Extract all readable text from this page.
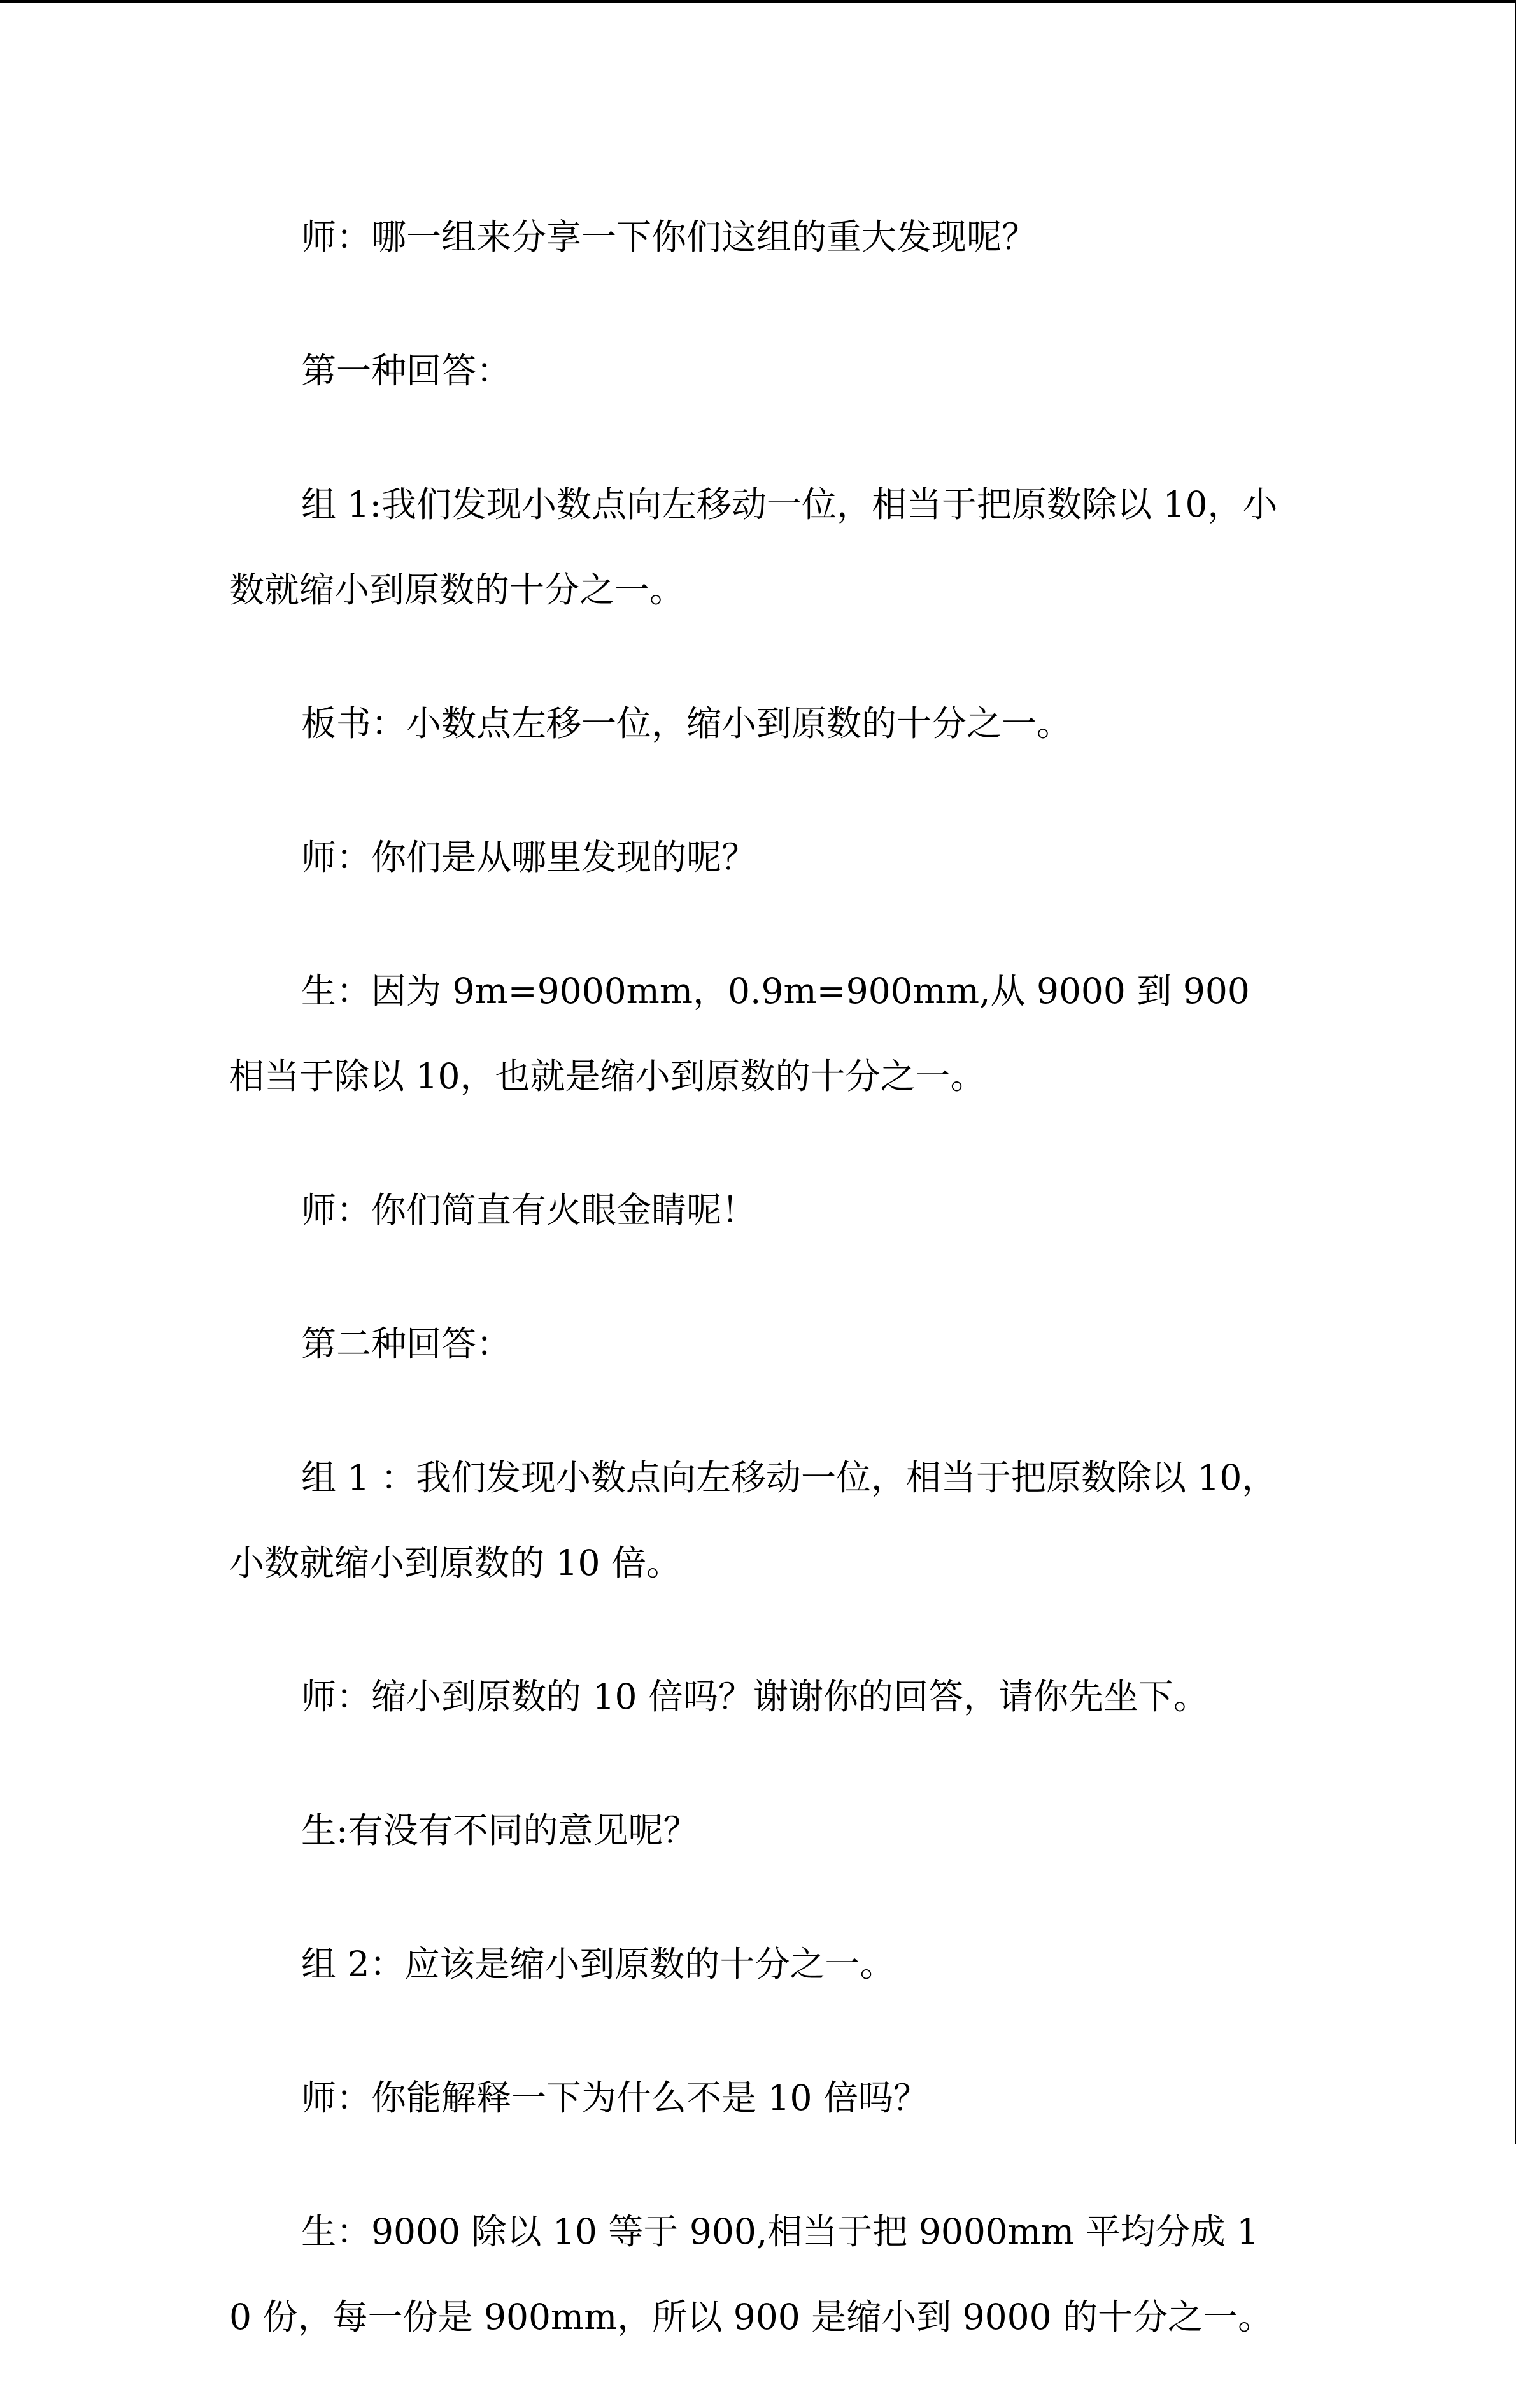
师：哪一组来分享一下你们这组的重大发现呢？

第一种回答：

组 1:我们发现小数点向左移动一位，相当于把原数除以 10，小数就缩小到原数的十分之一。

板书：小数点左移一位，缩小到原数的十分之一。

师：你们是从哪里发现的呢？

生：因为 9m=9000mm，0.9m=900mm,从 9000 到 900 相当于除以 10，也就是缩小到原数的十分之一。

师：你们简直有火眼金睛呢！

第二种回答：

组 1 ：我们发现小数点向左移动一位，相当于把原数除以 10，小数就缩小到原数的 10 倍。

师：缩小到原数的 10 倍吗？谢谢你的回答，请你先坐下。

生:有没有不同的意见呢？

组 2：应该是缩小到原数的十分之一。

师：你能解释一下为什么不是 10 倍吗？

生：9000 除以 10 等于 900,相当于把 9000mm 平均分成 10 份，每一份是 900mm，所以 900 是缩小到 9000 的十分之一。
